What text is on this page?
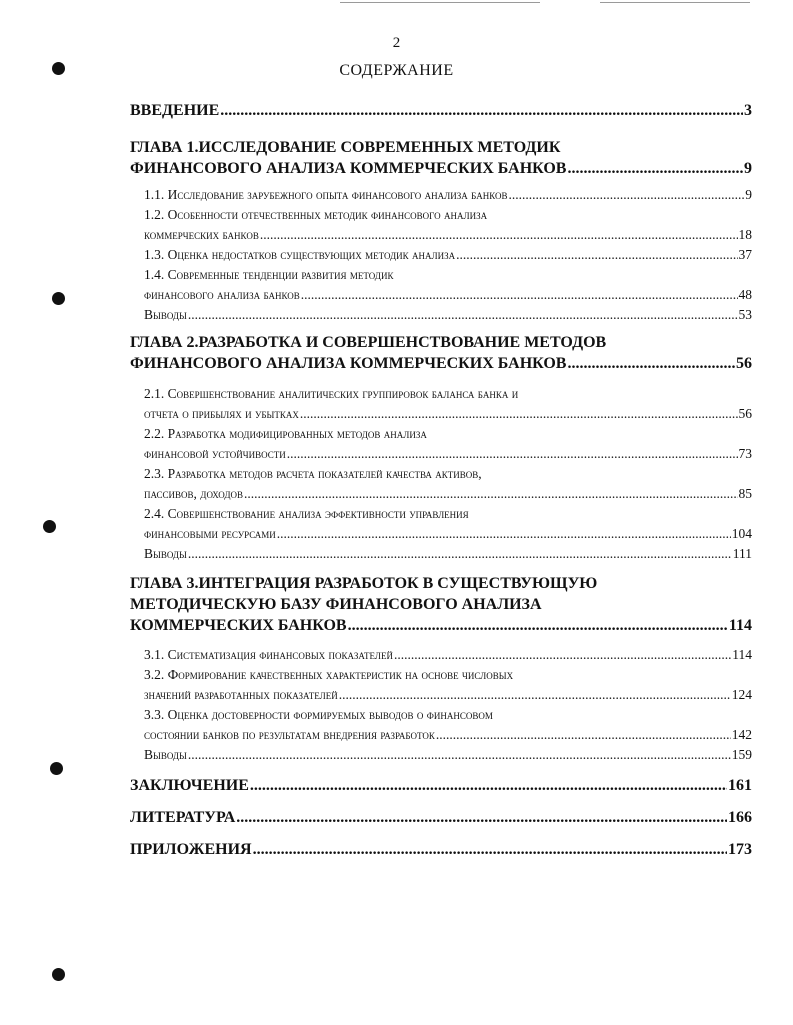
2
СОДЕРЖАНИЕ
ВВЕДЕНИЕ .....	3
ГЛАВА 1.ИССЛЕДОВАНИЕ СОВРЕМЕННЫХ МЕТОДИК
ФИНАНСОВОГО АНАЛИЗА КОММЕРЧЕСКИХ БАНКОВ .....	9
1.1. Исследование зарубежного опыта финансового анализа банков .....	9
1.2. Особенности отечественных методик финансового анализа
коммерческих банков .....	18
1.3. Оценка недостатков существующих методик анализа .....	37
1.4. Современные тенденции развития методик
финансового анализа банков .....	48
Выводы .....	53
ГЛАВА 2.РАЗРАБОТКА И СОВЕРШЕНСТВОВАНИЕ МЕТОДОВ
ФИНАНСОВОГО АНАЛИЗА КОММЕРЧЕСКИХ БАНКОВ .....	56
2.1. Совершенствование аналитических группировок баланса банка и
отчета о прибылях и убытках .....	56
2.2. Разработка модифицированных методов анализа
финансовой устойчивости .....	73
2.3. Разработка методов расчета показателей качества активов,
пассивов, доходов .....	85
2.4. Совершенствование анализа эффективности управления
финансовыми ресурсами .....	104
Выводы .....	111
ГЛАВА 3.ИНТЕГРАЦИЯ РАЗРАБОТОК В СУЩЕСТВУЮЩУЮ
МЕТОДИЧЕСКУЮ БАЗУ ФИНАНСОВОГО АНАЛИЗА
КОММЕРЧЕСКИХ БАНКОВ .....	114
3.1. Систематизация финансовых показателей .....	114
3.2. Формирование качественных характеристик на основе числовых
значений разработанных показателей .....	124
3.3. Оценка достоверности формируемых выводов о финансовом
состоянии банков по результатам внедрения разработок .....	142
Выводы .....	159
ЗАКЛЮЧЕНИЕ .....	161
ЛИТЕРАТУРА .....	166
ПРИЛОЖЕНИЯ .....	173
